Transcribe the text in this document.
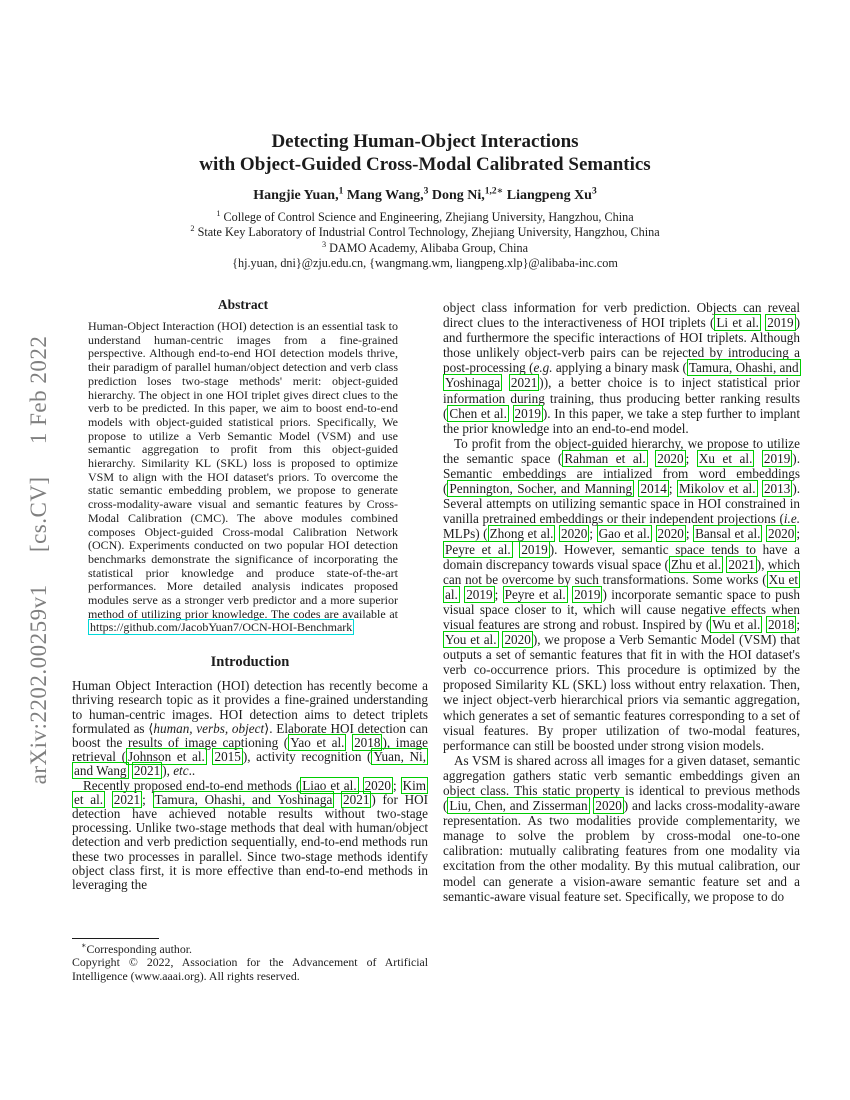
arXiv:2202.00259v1 [cs.CV] 1 Feb 2022
Detecting Human-Object Interactions
with Object-Guided Cross-Modal Calibrated Semantics
Hangjie Yuan,$^1$ Mang Wang,$^3$ Dong Ni,$^{1,2∗}$ Liangpeng Xu$^3$
$^1$ College of Control Science and Engineering, Zhejiang University, Hangzhou, China
$^2$ State Key Laboratory of Industrial Control Technology, Zhejiang University, Hangzhou, China
$^3$ DAMO Academy, Alibaba Group, China
{hj.yuan, dni}@zju.edu.cn, {wangmang.wm, liangpeng.xlp}@alibaba-inc.com
Abstract
Human-Object Interaction (HOI) detection is an essential task to understand human-centric images from a fine-grained perspective. Although end-to-end HOI detection models thrive, their paradigm of parallel human/object detection and verb class prediction loses two-stage methods' merit: object-guided hierarchy. The object in one HOI triplet gives direct clues to the verb to be predicted. In this paper, we aim to boost end-to-end models with object-guided statistical priors. Specifically, We propose to utilize a Verb Semantic Model (VSM) and use semantic aggregation to profit from this object-guided hierarchy. Similarity KL (SKL) loss is proposed to optimize VSM to align with the HOI dataset's priors. To overcome the static semantic embedding problem, we propose to generate cross-modality-aware visual and semantic features by Cross-Modal Calibration (CMC). The above modules combined composes Object-guided Cross-modal Calibration Network (OCN). Experiments conducted on two popular HOI detection benchmarks demonstrate the significance of incorporating the statistical prior knowledge and produce state-of-the-art performances. More detailed analysis indicates proposed modules serve as a stronger verb predictor and a more superior method of utilizing prior knowledge. The codes are available at https://github.com/JacobYuan7/OCN-HOI-Benchmark
Introduction

Human Object Interaction (HOI) detection has recently become a thriving research topic as it provides a fine-grained understanding to human-centric images. HOI detection aims to detect triplets formulated as ⟨human, verbs, object⟩. Elaborate HOI detection can boost the results of image captioning ( Yao et al. 2018 ), image retrieval ( Johnson et al. 2015 ), activity recognition ( Yuan, Ni, and Wang 2021 ), etc..

Recently proposed end-to-end methods ( Liao et al. 2020 ; Kim et al. 2021 ; Tamura, Ohashi, and Yoshinaga 2021 ) for HOI detection have achieved notable results without two-stage processing. Unlike two-stage methods that deal with human/object detection and verb prediction sequentially, end-to-end methods run these two processes in parallel. Since two-stage methods identify object class first, it is more effective than end-to-end methods in leveraging the

object class information for verb prediction. Objects can reveal direct clues to the interactiveness of HOI triplets ( Li et al. 2019 ) and furthermore the specific interactions of HOI triplets. Although those unlikely object-verb pairs can be rejected by introducing a post-processing (e.g. applying a binary mask ( Tamura, Ohashi, and Yoshinaga 2021 )), a better choice is to inject statistical prior information during training, thus producing better ranking results ( Chen et al. 2019 ). In this paper, we take a step further to implant the prior knowledge into an end-to-end model.

To profit from the object-guided hierarchy, we propose to utilize the semantic space ( Rahman et al. 2020 ; Xu et al. 2019 ). Semantic embeddings are intialized from word embeddings ( Pennington, Socher, and Manning 2014 ; Mikolov et al. 2013 ). Several attempts on utilizing semantic space in HOI constrained in vanilla pretrained embeddings or their independent projections (i.e. MLPs) ( Zhong et al. 2020 ; Gao et al. 2020 ; Bansal et al. 2020 ; Peyre et al. 2019 ). However, semantic space tends to have a domain discrepancy towards visual space ( Zhu et al. 2021 ), which can not be overcome by such transformations. Some works ( Xu et al. 2019 ; Peyre et al. 2019 ) incorporate semantic space to push visual space closer to it, which will cause negative effects when visual features are strong and robust. Inspired by ( Wu et al. 2018 ; You et al. 2020 ), we propose a Verb Semantic Model (VSM) that outputs a set of semantic features that fit in with the HOI dataset's verb co-occurrence priors. This procedure is optimized by the proposed Similarity KL (SKL) loss without entry relaxation. Then, we inject object-verb hierarchical priors via semantic aggregation, which generates a set of semantic features corresponding to a set of visual features. By proper utilization of two-modal features, performance can still be boosted under strong vision models.

As VSM is shared across all images for a given dataset, semantic aggregation gathers static verb semantic embeddings given an object class. This static property is identical to previous methods ( Liu, Chen, and Zisserman 2020 ) and lacks cross-modality-aware representation. As two modalities provide complementarity, we manage to solve the problem by cross-modal one-to-one calibration: mutually calibrating features from one modality via excitation from the other modality. By this mutual calibration, our model can generate a vision-aware semantic feature set and a semantic-aware visual feature set. Specifically, we propose to do

∗Corresponding author.
Copyright © 2022, Association for the Advancement of Artificial Intelligence (www.aaai.org). All rights reserved.
